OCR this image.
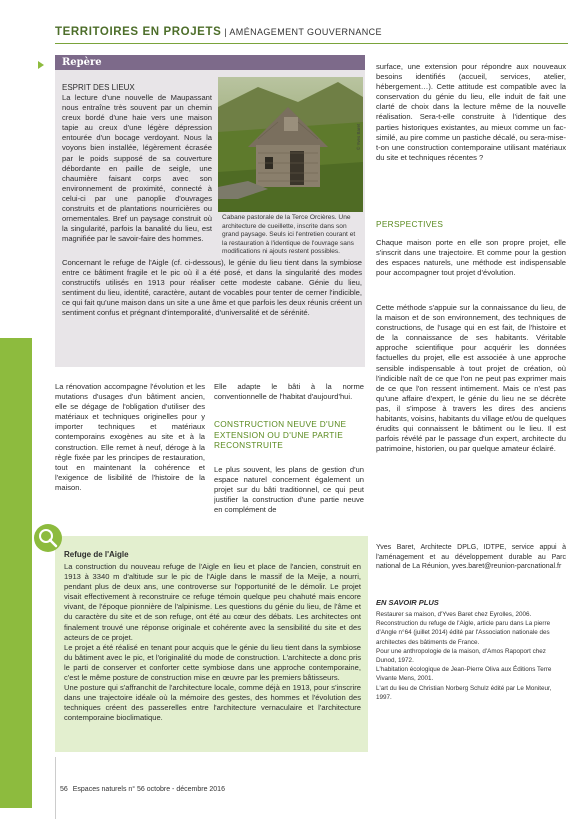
TERRITOIRES EN PROJETS | AMÉNAGEMENT GOUVERNANCE
Repère
ESPRIT DES LIEUX
La lecture d'une nouvelle de Maupassant nous entraîne très souvent par un chemin creux bordé d'une haie vers une maison tapie au creux d'une légère dépression entourée d'un bocage verdoyant. Nous la voyons bien installée, légèrement écrasée par le poids supposé de sa couverture débordante en paille de seigle, une chaumière faisant corps avec son environnement de proximité, connecté à celui-ci par une panoplie d'ouvrages construits et de plantations nourricières ou ornementales. Bref un paysage construit où la singularité, parfois la banalité du lieu, est magnifiée par le savoir-faire des hommes.
© Yves Baret
Cabane pastorale de la Terce Orcières. Une architecture de cueillette, inscrite dans son grand paysage. Seuls ici l'entretien courant et la restauration à l'identique de l'ouvrage sans modifications ni ajouts restent possibles.
Concernant le refuge de l'Aigle (cf. ci-dessous), le génie du lieu tient dans la symbiose entre ce bâtiment fragile et le pic où il a été posé, et dans la singularité des modes constructifs utilisés en 1913 pour réaliser cette modeste cabane. Génie du lieu, sentiment du lieu, identité, caractère, autant de vocables pour tenter de cerner l'indicible, ce qui fait qu'une maison dans un site a une âme et que parfois les deux réunis créent un sentiment confus et prégnant d'intemporalité, d'universalité et de sérénité.
La rénovation accompagne l'évolution et les mutations d'usages d'un bâtiment ancien, elle se dégage de l'obligation d'utiliser des matériaux et techniques originelles pour y importer techniques et matériaux contemporains exogènes au site et à la construction. Elle remet à neuf, déroge à la règle fixée par les principes de restauration, tout en maintenant la cohérence et l'exigence de lisibilité de l'histoire de la maison.
Elle adapte le bâti à la norme conventionnelle de l'habitat d'aujourd'hui.
CONSTRUCTION NEUVE D'UNE EXTENSION OU D'UNE PARTIE RECONSTRUITE
Le plus souvent, les plans de gestion d'un espace naturel concernent également un projet sur du bâti traditionnel, ce qui peut justifier la construction d'une partie neuve en complément de
Refuge de l'Aigle

La construction du nouveau refuge de l'Aigle en lieu et place de l'ancien, construit en 1913 à 3340 m d'altitude sur le pic de l'Aigle dans le massif de la Meije, a nourri, pendant plus de deux ans, une controverse sur l'opportunité de le démolir. Le projet visait effectivement à reconstruire ce refuge témoin quelque peu chahuté mais encore vivant, de l'époque pionnière de l'alpinisme. Les questions du génie du lieu, de l'âme et du caractère du site et de son refuge, ont été au cœur des débats. Les architectes ont finalement trouvé une réponse originale et cohérente avec la sensibilité du site et des acteurs de ce projet.

Le projet a été réalisé en tenant pour acquis que le génie du lieu tient dans la symbiose du bâtiment avec le pic, et l'originalité du mode de construction. L'architecte a donc pris le parti de conserver et conforter cette symbiose dans une approche contemporaine, c'est le même posture de construction mise en œuvre par les premiers bâtisseurs.

Une posture qui s'affranchit de l'architecture locale, comme déjà en 1913, pour s'inscrire dans une trajectoire idéale où la mémoire des gestes, des hommes et l'évolution des techniques créent des passerelles entre l'architecture vernaculaire et l'architecture contemporaine bioclimatique.

surface, une extension pour répondre aux nouveaux besoins identifiés (accueil, services, atelier, hébergement…). Cette attitude est compatible avec la conservation du génie du lieu, elle induit de fait une clarté de choix dans la lecture même de la nouvelle réalisation. Sera-t-elle construite à l'identique des parties historiques existantes, au mieux comme un fac-similé, au pire comme un pastiche décalé, ou sera-mise-t-on une construction contemporaine utilisant matériaux du site et techniques récentes ?
PERSPECTIVES
Chaque maison porte en elle son propre projet, elle s'inscrit dans une trajectoire. Et comme pour la gestion des espaces naturels, une méthode est indispensable pour accompagner tout projet d'évolution.
Cette méthode s'appuie sur la connaissance du lieu, de la maison et de son environnement, des techniques de constructions, de l'usage qui en est fait, de l'histoire et de la connaissance de ses habitants. Véritable approche scientifique pour acquérir les données factuelles du projet, elle est associée à une approche sensible indispensable à tout projet de création, où l'indicible naît de ce que l'on ne peut pas exprimer mais de ce que l'on ressent intimement. Mais ce n'est pas qu'une affaire d'expert, le génie du lieu ne se décrète pas, il s'impose à travers les dires des anciens habitants, voisins, habitants du village et/ou de quelques érudits qui connaissent le bâtiment ou le lieu. Il est parfois révélé par le passage d'un expert, architecte du patrimoine, historien, ou par quelque amateur éclairé.
Yves Baret, Architecte DPLG, IDTPE, service appui à l'aménagement et au développement durable au Parc national de La Réunion, yves.baret@reunion-parcnational.fr
EN SAVOIR PLUS

Restaurer sa maison, d'Yves Baret chez Eyrolles, 2006.

Reconstruction du refuge de l'Aigle, article paru dans La pierre d'Angle n°64 (juillet 2014) édité par l'Association nationale des architectes des bâtiments de France.

Pour une anthropologie de la maison, d'Amos Rapoport chez Dunod, 1972.

L'habitation écologique de Jean-Pierre Oliva aux Éditions Terre Vivante Mens, 2001.

L'art du lieu de Christian Norberg Schulz édité par Le Moniteur, 1997.

56 Espaces naturels n° 56 octobre - décembre 2016
